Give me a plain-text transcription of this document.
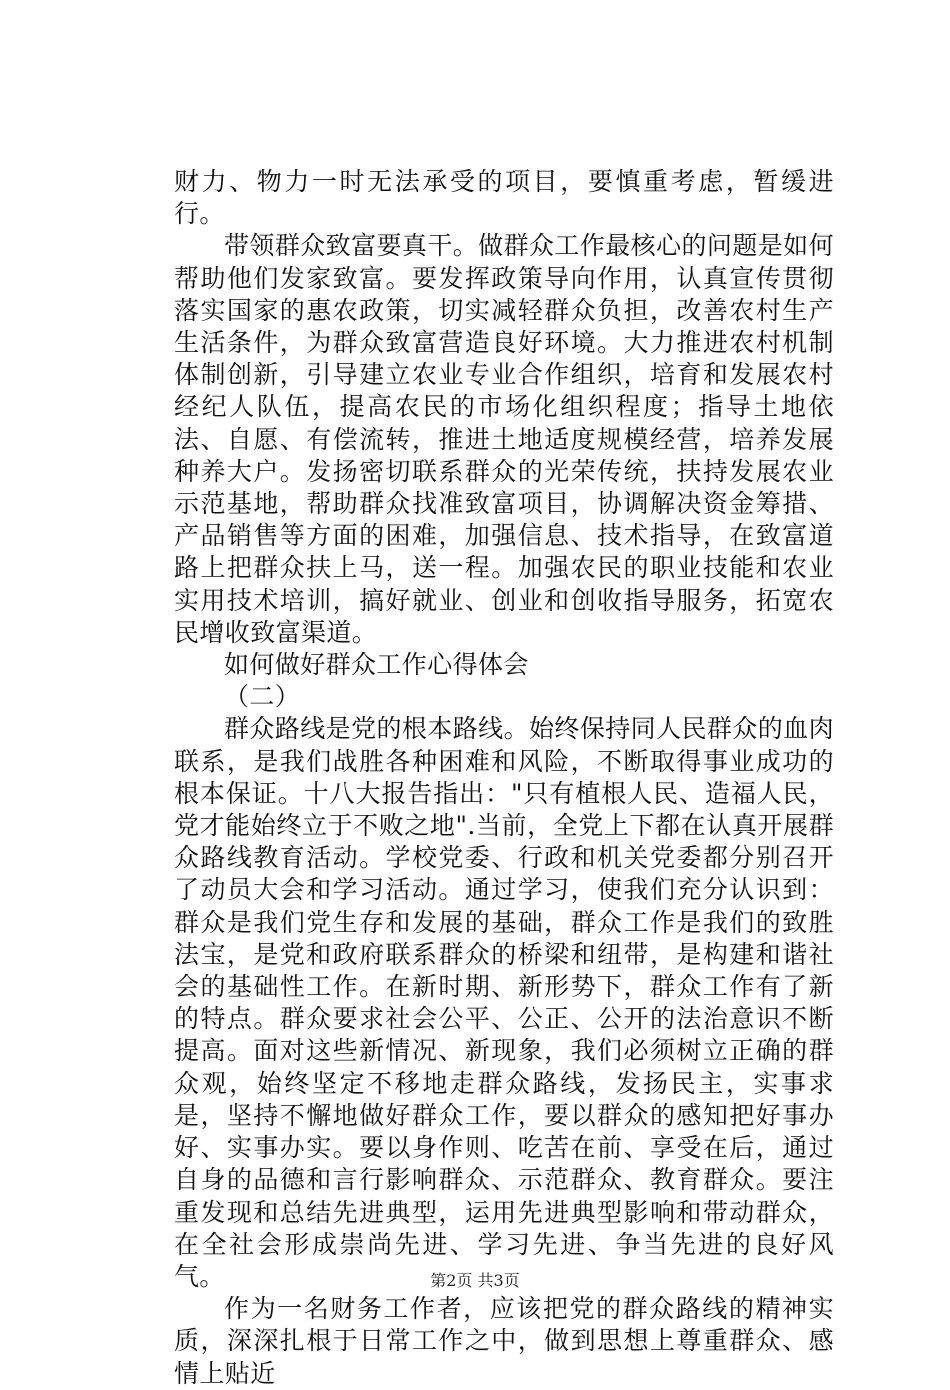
财力、物力一时无法承受的项目，要慎重考虑，暂缓进行。

带领群众致富要真干。做群众工作最核心的问题是如何帮助他们发家致富。要发挥政策导向作用，认真宣传贯彻落实国家的惠农政策，切实减轻群众负担，改善农村生产生活条件，为群众致富营造良好环境。大力推进农村机制体制创新，引导建立农业专业合作组织，培育和发展农村经纪人队伍，提高农民的市场化组织程度；指导土地依法、自愿、有偿流转，推进土地适度规模经营，培养发展种养大户。发扬密切联系群众的光荣传统，扶持发展农业示范基地，帮助群众找准致富项目，协调解决资金筹措、产品销售等方面的困难，加强信息、技术指导，在致富道路上把群众扶上马，送一程。加强农民的职业技能和农业实用技术培训，搞好就业、创业和创收指导服务，拓宽农民增收致富渠道。

如何做好群众工作心得体会

（二）

群众路线是党的根本路线。始终保持同人民群众的血肉联系，是我们战胜各种困难和风险，不断取得事业成功的根本保证。十八大报告指出："只有植根人民、造福人民，党才能始终立于不败之地".当前，全党上下都在认真开展群众路线教育活动。学校党委、行政和机关党委都分别召开了动员大会和学习活动。通过学习，使我们充分认识到：群众是我们党生存和发展的基础，群众工作是我们的致胜法宝，是党和政府联系群众的桥梁和纽带，是构建和谐社会的基础性工作。在新时期、新形势下，群众工作有了新的特点。群众要求社会公平、公正、公开的法治意识不断提高。面对这些新情况、新现象，我们必须树立正确的群众观，始终坚定不移地走群众路线，发扬民主，实事求是，坚持不懈地做好群众工作，要以群众的感知把好事办好、实事办实。要以身作则、吃苦在前、享受在后，通过自身的品德和言行影响群众、示范群众、教育群众。要注重发现和总结先进典型，运用先进典型影响和带动群众，在全社会形成崇尚先进、学习先进、争当先进的良好风气。

作为一名财务工作者，应该把党的群众路线的精神实质，深深扎根于日常工作之中，做到思想上尊重群众、感情上贴近

第2页 共3页
